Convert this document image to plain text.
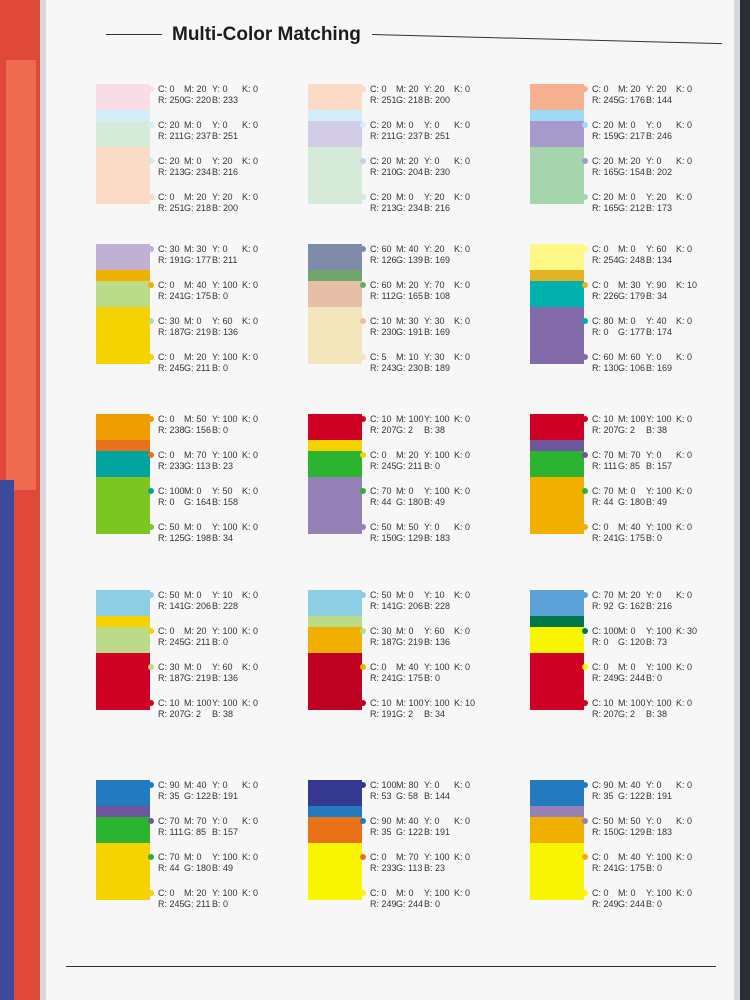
Multi-Color Matching
C: 0 M: 20 Y: 0 K: 0
R: 250G: 220B: 233
C: 20 M: 0 Y: 0 K: 0
R: 211G: 237B: 251
C: 20 M: 0 Y: 20 K: 0
R: 213G: 234B: 216
C: 0 M: 20 Y: 20 K: 0
R: 251G: 218B: 200
C: 0 M: 20 Y: 20 K: 0
R: 251G: 218B: 200
C: 20 M: 0 Y: 0 K: 0
R: 211G: 237B: 251
C: 20 M: 20 Y: 0 K: 0
R: 210G: 204B: 230
C: 20 M: 0 Y: 20 K: 0
R: 213G: 234B: 216
C: 0 M: 20 Y: 20 K: 0
R: 245G: 176B: 144
C: 20 M: 0 Y: 0 K: 0
R: 159G: 217B: 246
C: 20 M: 20 Y: 0 K: 0
R: 165G: 154B: 202
C: 20 M: 0 Y: 20 K: 0
R: 165G: 212B: 173
C: 30 M: 30 Y: 0 K: 0
R: 191G: 177B: 211
C: 0 M: 40 Y: 100 K: 0
R: 241G: 175B: 0
C: 30 M: 0 Y: 60 K: 0
R: 187G: 219B: 136
C: 0 M: 20 Y: 100 K: 0
R: 245G: 211 B: 0
C: 60 M: 40 Y: 20 K: 0
R: 126G: 139B: 169
C: 60 M: 20 Y: 70 K: 0
R: 112G: 165B: 108
C: 10 M: 30 Y: 30 K: 0
R: 230G: 191B: 169
C: 5 M: 10 Y: 30 K: 0
R: 243G: 230B: 189
C: 0 M: 0 Y: 60 K: 0
R: 254G: 248B: 134
C: 0 M: 30 Y: 90 K: 10
R: 226G: 179B: 34
C: 80 M: 0 Y: 40 K: 0
R: 0 G: 177B: 174
C: 60 M: 60 Y: 0 K: 0
R: 130G: 106B: 169
C: 0 M: 50 Y: 100 K: 0
R: 238G: 156B: 0
C: 0 M: 70 Y: 100 K: 0
R: 233G: 113 B: 23
C: 100M: 0 Y: 50 K: 0
R: 0 G: 164B: 158
C: 50 M: 0 Y: 100 K: 0
R: 125G: 198B: 34
C: 10 M: 100Y: 100 K: 0
R: 207G: 2 B: 38
C: 0 M: 20 Y: 100 K: 0
R: 245G: 211 B: 0
C: 70 M: 0 Y: 100 K: 0
R: 44 G: 180B: 49
C: 50 M: 50 Y: 0 K: 0
R: 150G: 129B: 183
C: 10 M: 100Y: 100 K: 0
R: 207G: 2 B: 38
C: 70 M: 70 Y: 0 K: 0
R: 111G: 85 B: 157
C: 70 M: 0 Y: 100 K: 0
R: 44 G: 180B: 49
C: 0 M: 40 Y: 100 K: 0
R: 241G: 175B: 0
C: 50 M: 0 Y: 10 K: 0
R: 141G: 206B: 228
C: 0 M: 20 Y: 100 K: 0
R: 245G: 211 B: 0
C: 30 M: 0 Y: 60 K: 0
R: 187G: 219B: 136
C: 10 M: 100Y: 100 K: 0
R: 207G: 2 B: 38
C: 50 M: 0 Y: 10 K: 0
R: 141G: 206B: 228
C: 30 M: 0 Y: 60 K: 0
R: 187G: 219B: 136
C: 0 M: 40 Y: 100 K: 0
R: 241G: 175B: 0
C: 10 M: 100Y: 100 K: 10
R: 191G: 2 B: 34
C: 70 M: 20 Y: 0 K: 0
R: 92 G: 162B: 216
C: 100M: 0 Y: 100 K: 30
R: 0 G: 120B: 73
C: 0 M: 0 Y: 100 K: 0
R: 249G: 244B: 0
C: 10 M: 100Y: 100 K: 0
R: 207G: 2 B: 38
C: 90 M: 40 Y: 0 K: 0
R: 35 G: 122B: 191
C: 70 M: 70 Y: 0 K: 0
R: 111G: 85 B: 157
C: 70 M: 0 Y: 100 K: 0
R: 44 G: 180B: 49
C: 0 M: 20 Y: 100 K: 0
R: 245G: 211 B: 0
C: 100M: 80 Y: 0 K: 0
R: 53 G: 58 B: 144
C: 90 M: 40 Y: 0 K: 0
R: 35 G: 122B: 191
C: 0 M: 70 Y: 100 K: 0
R: 233G: 113 B: 23
C: 0 M: 0 Y: 100 K: 0
R: 249G: 244B: 0
C: 90 M: 40 Y: 0 K: 0
R: 35 G: 122B: 191
C: 50 M: 50 Y: 0 K: 0
R: 150G: 129B: 183
C: 0 M: 40 Y: 100 K: 0
R: 241G: 175B: 0
C: 0 M: 0 Y: 100 K: 0
R: 249G: 244B: 0
